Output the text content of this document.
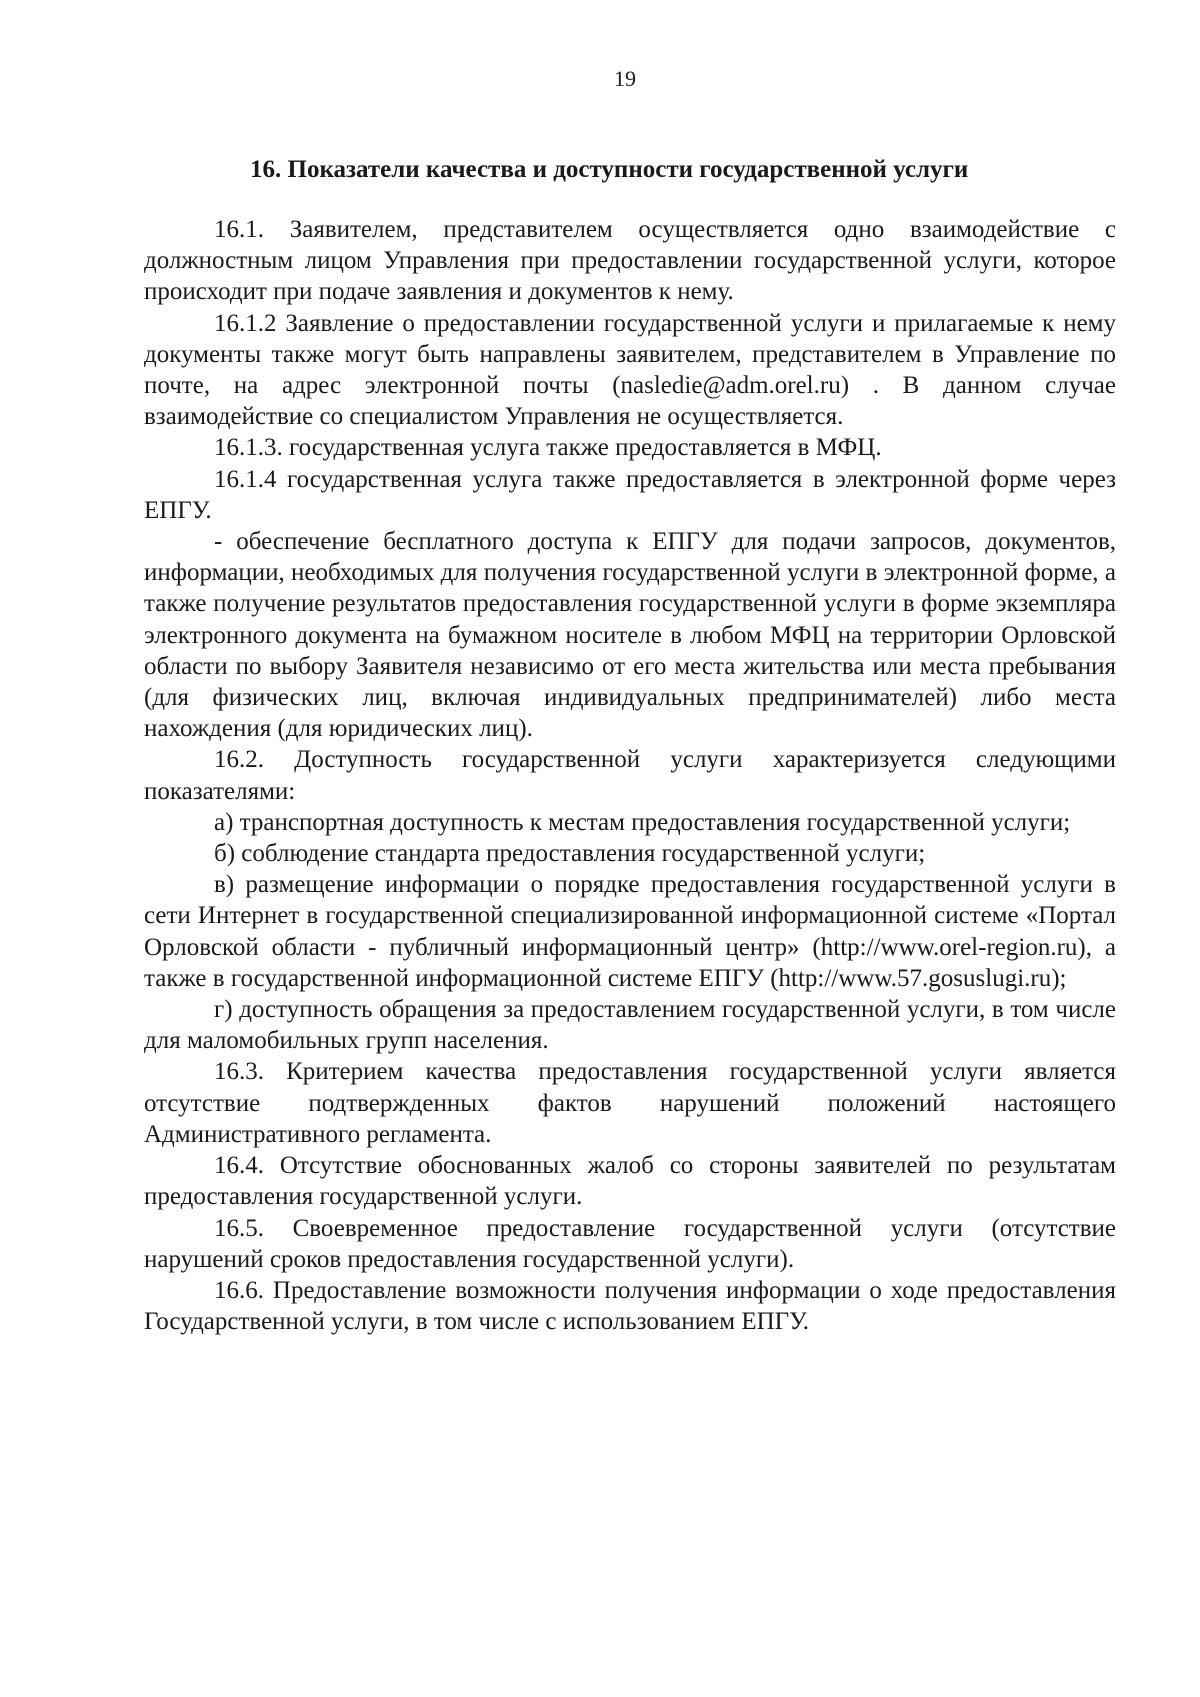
19
16. Показатели качества и доступности государственной услуги

16.1. Заявителем, представителем осуществляется одно взаимодействие с должностным лицом Управления при предоставлении государственной услуги, которое происходит при подаче заявления и документов к нему.

16.1.2 Заявление о предоставлении государственной услуги и прилагаемые к нему документы также могут быть направлены заявителем, представителем в Управление по почте, на адрес электронной почты (nasledie@adm.orel.ru) . В данном случае взаимодействие со специалистом Управления не осуществляется.

16.1.3. государственная услуга также предоставляется в МФЦ.

16.1.4 государственная услуга также предоставляется в электронной форме через ЕПГУ.

- обеспечение бесплатного доступа к ЕПГУ для подачи запросов, документов, информации, необходимых для получения государственной услуги в электронной форме, а также получение результатов предоставления государственной услуги в форме экземпляра электронного документа на бумажном носителе в любом МФЦ на территории Орловской области по выбору Заявителя независимо от его места жительства или места пребывания (для физических лиц, включая индивидуальных предпринимателей) либо места нахождения (для юридических лиц).

16.2. Доступность государственной услуги характеризуется следующими показателями:

а) транспортная доступность к местам предоставления государственной услуги;

б) соблюдение стандарта предоставления государственной услуги;

в) размещение информации о порядке предоставления государственной услуги в сети Интернет в государственной специализированной информационной системе «Портал Орловской области - публичный информационный центр» (http://www.orel-region.ru), а также в государственной информационной системе ЕПГУ (http://www.57.gosuslugi.ru);

г) доступность обращения за предоставлением государственной услуги, в том числе для маломобильных групп населения.

16.3. Критерием качества предоставления государственной услуги является отсутствие подтвержденных фактов нарушений положений настоящего Административного регламента.

16.4. Отсутствие обоснованных жалоб со стороны заявителей по результатам предоставления государственной услуги.

16.5. Своевременное предоставление государственной услуги (отсутствие нарушений сроков предоставления государственной услуги).

16.6. Предоставление возможности получения информации о ходе предоставления Государственной услуги, в том числе с использованием ЕПГУ.
